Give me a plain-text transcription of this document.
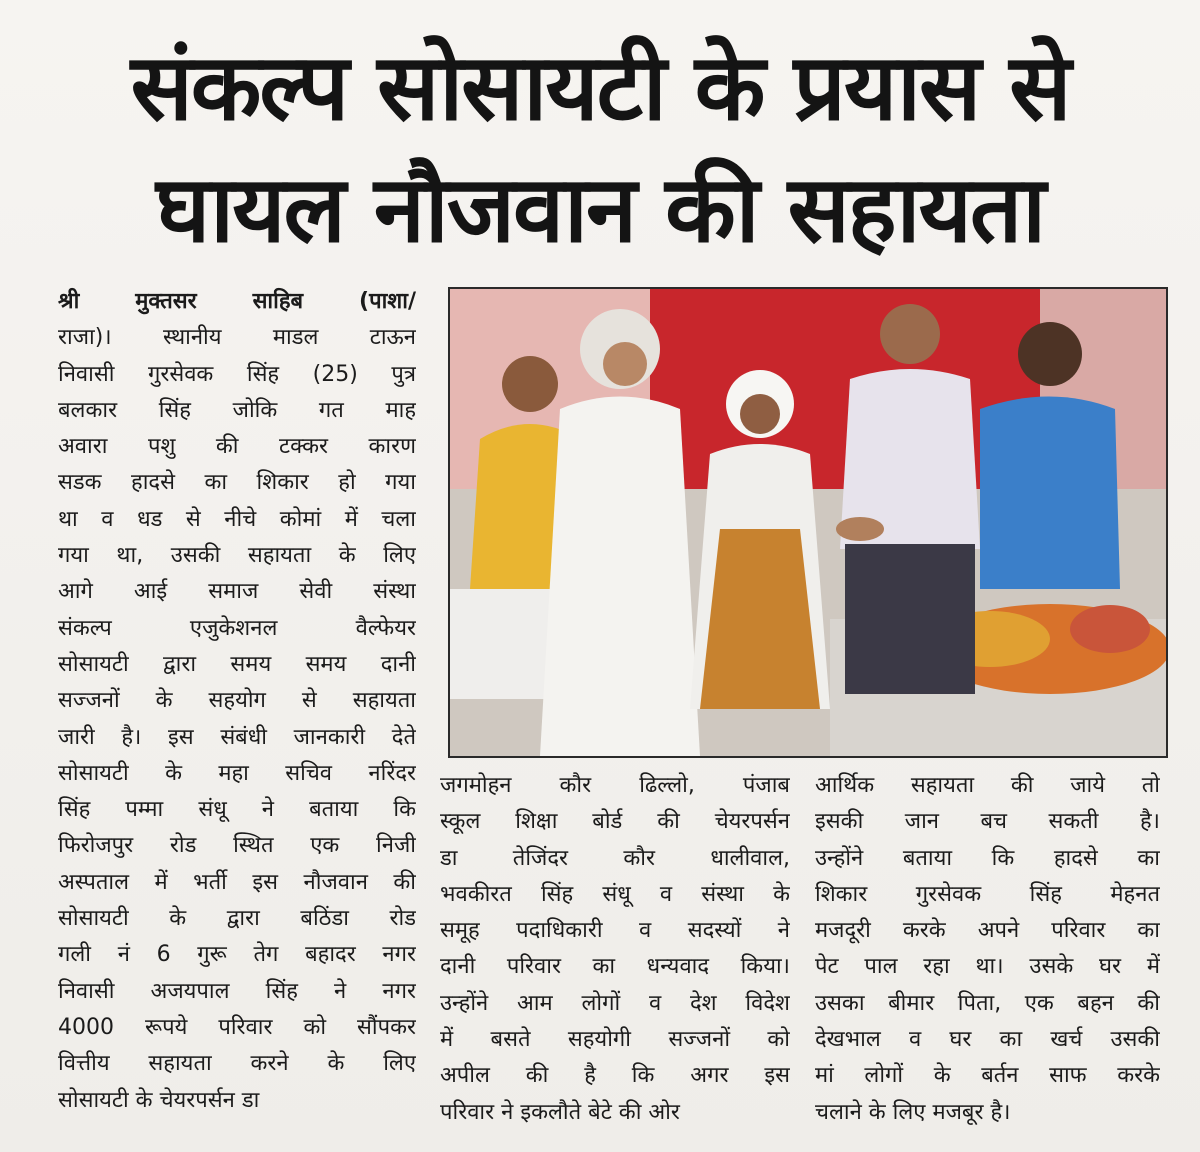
संकल्प सोसायटी के प्रयास से
घायल नौजवान की सहायता
श्री मुक्तसर साहिब (पाशा/
राजा)। स्थानीय माडल टाऊन
निवासी गुरसेवक सिंह (25) पुत्र
बलकार सिंह जोकि गत माह
अवारा पशु की टक्कर कारण
सडक हादसे का शिकार हो गया
था व धड से नीचे कोमां में चला
गया था, उसकी सहायता के लिए
आगे आई समाज सेवी संस्था
संकल्प एजुकेशनल वैल्फेयर
सोसायटी द्वारा समय समय दानी
सज्जनों के सहयोग से सहायता
जारी है। इस संबंधी जानकारी देते
सोसायटी के महा सचिव नरिंदर
सिंह पम्मा संधू ने बताया कि
फिरोजपुर रोड स्थित एक निजी
अस्पताल में भर्ती इस नौजवान की
सोसायटी के द्वारा बठिंडा रोड
गली नं 6 गुरू तेग बहादर नगर
निवासी अजयपाल सिंह ने नगर
4000 रूपये परिवार को सौंपकर
वित्तीय सहायता करने के लिए
सोसायटी के चेयरपर्सन डा
जगमोहन कौर ढिल्लो, पंजाब
स्कूल शिक्षा बोर्ड की चेयरपर्सन
डा तेजिंदर कौर धालीवाल,
भवकीरत सिंह संधू व संस्था के
समूह पदाधिकारी व सदस्यों ने
दानी परिवार का धन्यवाद किया।
उन्होंने आम लोगों व देश विदेश
में बसते सहयोगी सज्जनों को
अपील की है कि अगर इस
परिवार ने इकलौते बेटे की ओर
आर्थिक सहायता की जाये तो
इसकी जान बच सकती है।
उन्होंने बताया कि हादसे का
शिकार गुरसेवक सिंह मेहनत
मजदूरी करके अपने परिवार का
पेट पाल रहा था। उसके घर में
उसका बीमार पिता, एक बहन की
देखभाल व घर का खर्च उसकी
मां लोगों के बर्तन साफ करके
चलाने के लिए मजबूर है।
